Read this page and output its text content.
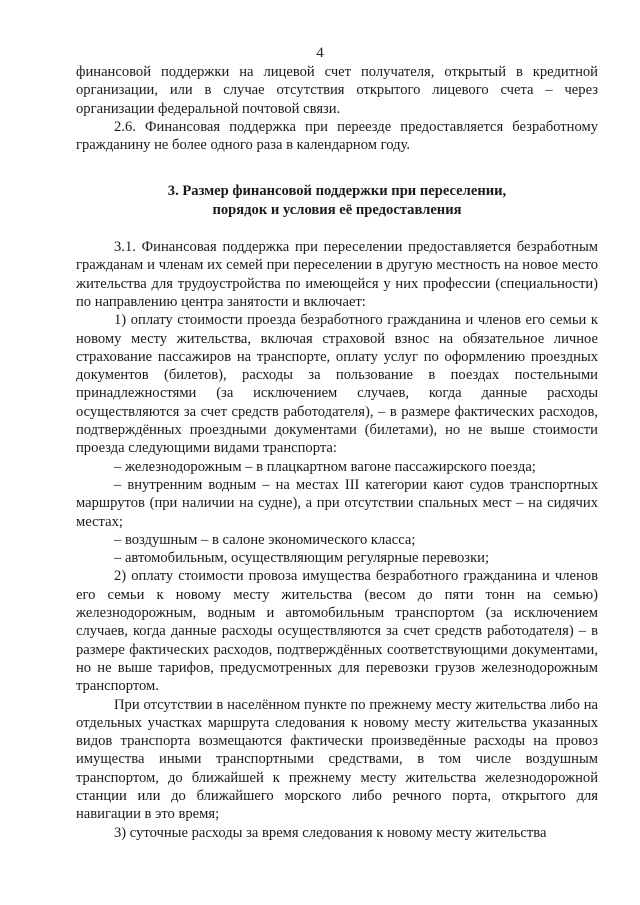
4

финансовой поддержки на лицевой счет получателя, открытый в кредитной организации, или в случае отсутствия открытого лицевого счета – через организации федеральной почтовой связи.

2.6. Финансовая поддержка при переезде предоставляется безработному гражданину не более одного раза в календарном году.

3. Размер финансовой поддержки при переселении,
порядок и условия её предоставления

3.1. Финансовая поддержка при переселении предоставляется безработным гражданам и членам их семей при переселении в другую местность на новое место жительства для трудоустройства по имеющейся у них профессии (специальности) по направлению центра занятости и включает:

1) оплату стоимости проезда безработного гражданина и членов его семьи к новому месту жительства, включая страховой взнос на обязательное личное страхование пассажиров на транспорте, оплату услуг по оформлению проездных документов (билетов), расходы за пользование в поездах постельными принадлежностями (за исключением случаев, когда данные расходы осуществляются за счет средств работодателя), – в размере фактических расходов, подтверждённых проездными документами (билетами), но не выше стоимости проезда следующими видами транспорта:

– железнодорожным – в плацкартном вагоне пассажирского поезда;

– внутренним водным – на местах III категории кают судов транспортных маршрутов (при наличии на судне), а при отсутствии спальных мест – на сидячих местах;

– воздушным – в салоне экономического класса;

– автомобильным, осуществляющим регулярные перевозки;

2) оплату стоимости провоза имущества безработного гражданина и членов его семьи к новому месту жительства (весом до пяти тонн на семью) железнодорожным, водным и автомобильным транспортом (за исключением случаев, когда данные расходы осуществляются за счет средств работодателя) – в размере фактических расходов, подтверждённых соответствующими документами, но не выше тарифов, предусмотренных для перевозки грузов железнодорожным транспортом.

При отсутствии в населённом пункте по прежнему месту жительства либо на отдельных участках маршрута следования к новому месту жительства указанных видов транспорта возмещаются фактически произведённые расходы на провоз имущества иными транспортными средствами, в том числе воздушным транспортом, до ближайшей к прежнему месту жительства железнодорожной станции или до ближайшего морского либо речного порта, открытого для навигации в это время;

3) суточные расходы за время следования к новому месту жительства
